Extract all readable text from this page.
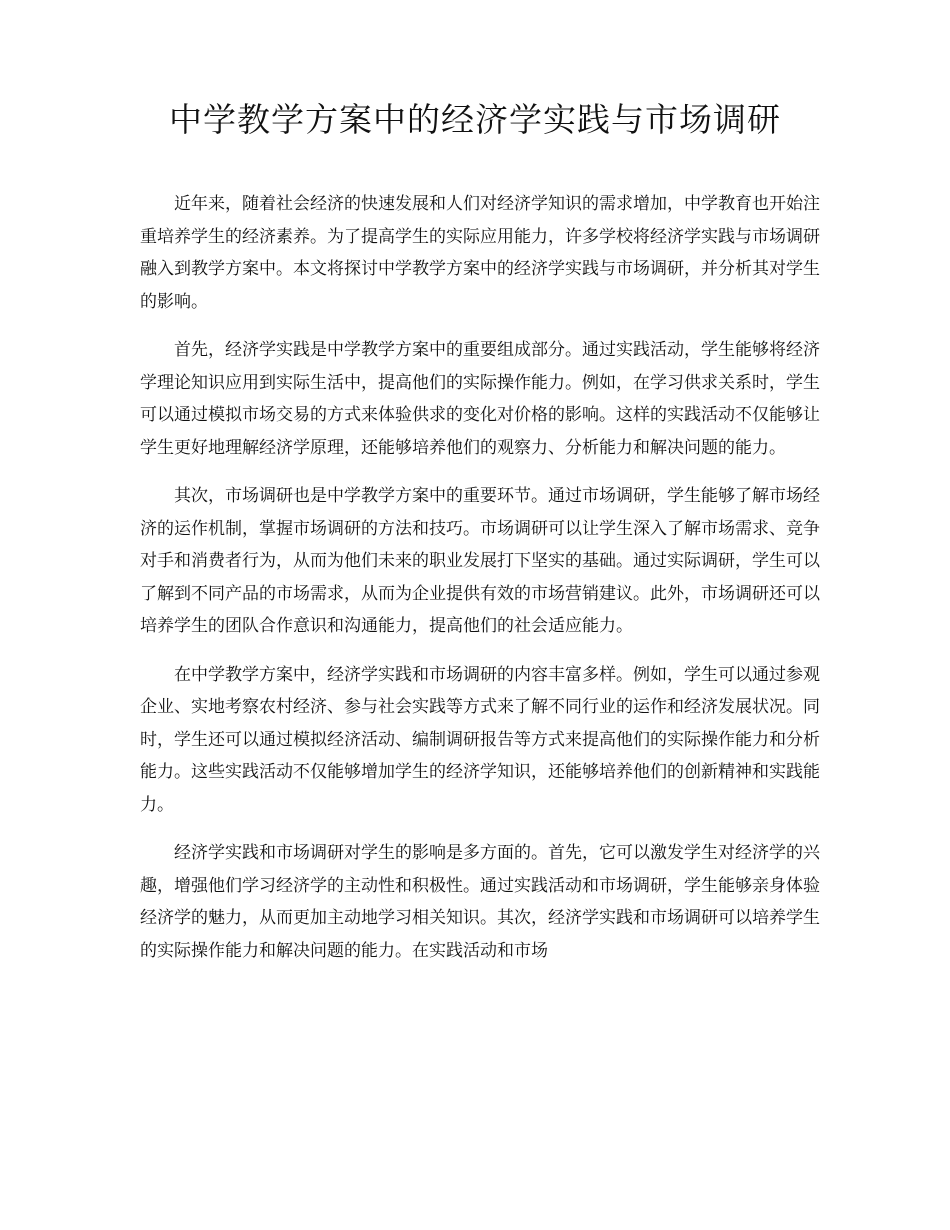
中学教学方案中的经济学实践与市场调研

近年来，随着社会经济的快速发展和人们对经济学知识的需求增加，中学教育也开始注重培养学生的经济素养。为了提高学生的实际应用能力，许多学校将经济学实践与市场调研融入到教学方案中。本文将探讨中学教学方案中的经济学实践与市场调研，并分析其对学生的影响。

首先，经济学实践是中学教学方案中的重要组成部分。通过实践活动，学生能够将经济学理论知识应用到实际生活中，提高他们的实际操作能力。例如，在学习供求关系时，学生可以通过模拟市场交易的方式来体验供求的变化对价格的影响。这样的实践活动不仅能够让学生更好地理解经济学原理，还能够培养他们的观察力、分析能力和解决问题的能力。

其次，市场调研也是中学教学方案中的重要环节。通过市场调研，学生能够了解市场经济的运作机制，掌握市场调研的方法和技巧。市场调研可以让学生深入了解市场需求、竞争对手和消费者行为，从而为他们未来的职业发展打下坚实的基础。通过实际调研，学生可以了解到不同产品的市场需求，从而为企业提供有效的市场营销建议。此外，市场调研还可以培养学生的团队合作意识和沟通能力，提高他们的社会适应能力。

在中学教学方案中，经济学实践和市场调研的内容丰富多样。例如，学生可以通过参观企业、实地考察农村经济、参与社会实践等方式来了解不同行业的运作和经济发展状况。同时，学生还可以通过模拟经济活动、编制调研报告等方式来提高他们的实际操作能力和分析能力。这些实践活动不仅能够增加学生的经济学知识，还能够培养他们的创新精神和实践能力。

经济学实践和市场调研对学生的影响是多方面的。首先，它可以激发学生对经济学的兴趣，增强他们学习经济学的主动性和积极性。通过实践活动和市场调研，学生能够亲身体验经济学的魅力，从而更加主动地学习相关知识。其次，经济学实践和市场调研可以培养学生的实际操作能力和解决问题的能力。在实践活动和市场
